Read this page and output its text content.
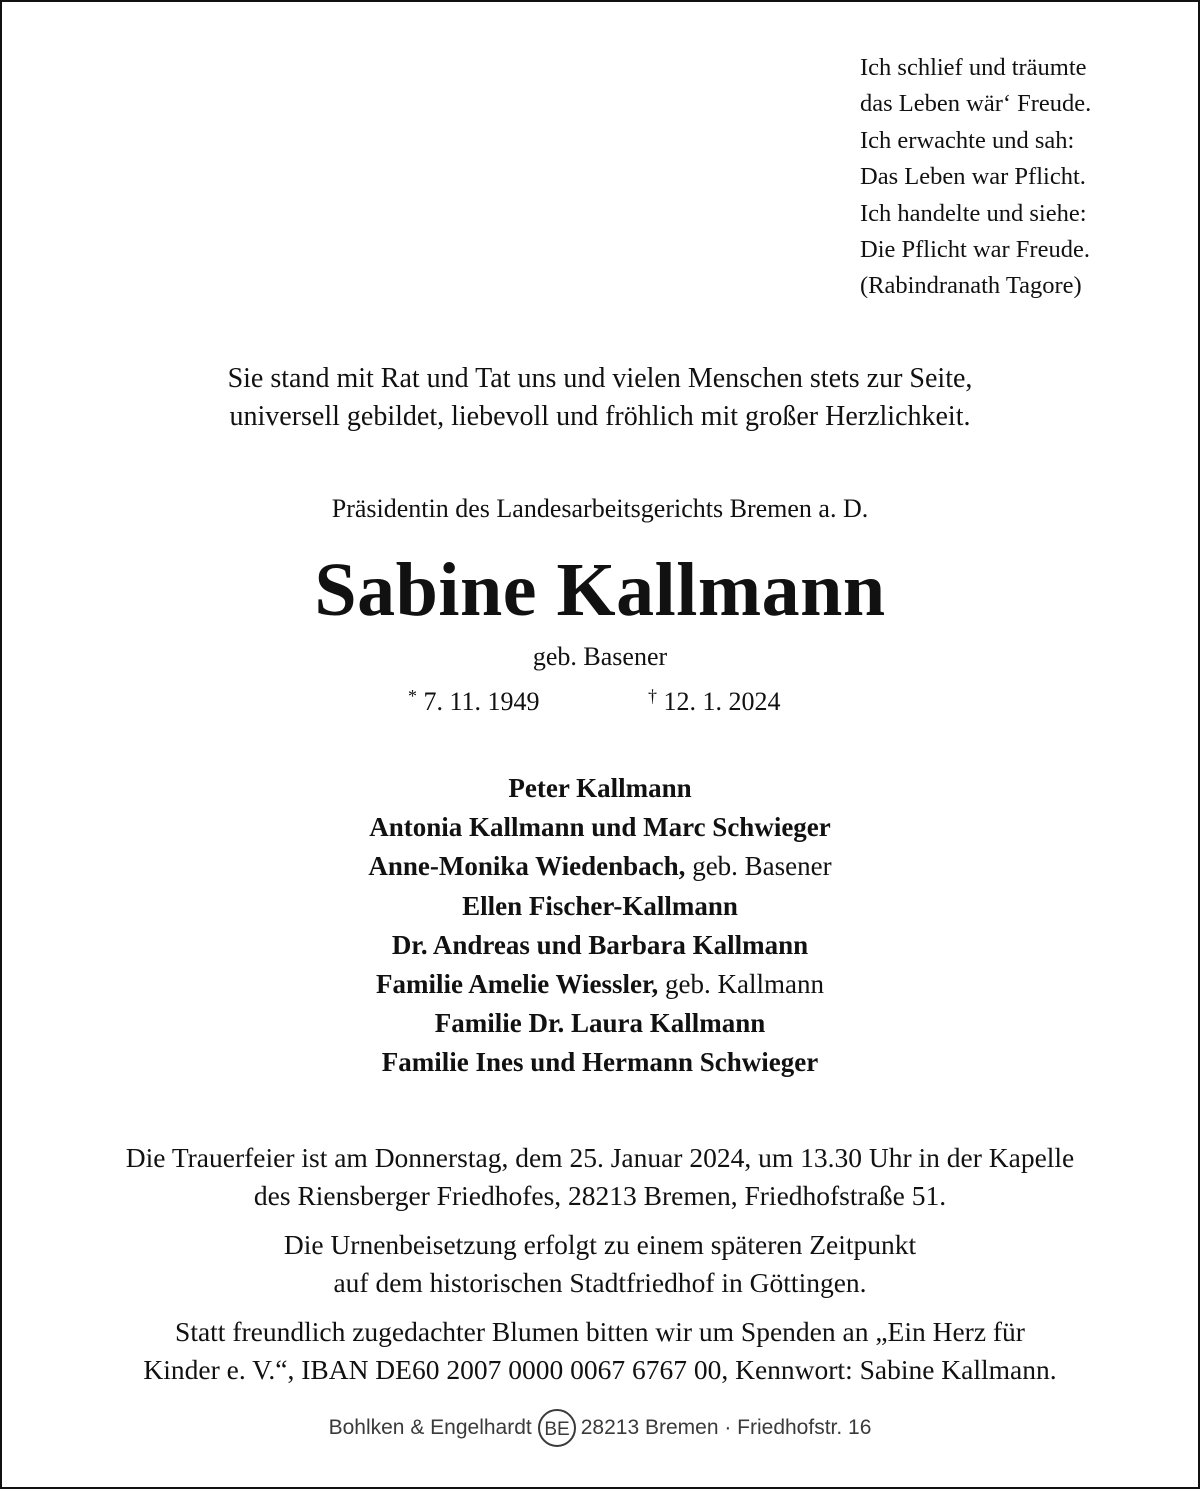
Ich schlief und träumte
das Leben wär‘ Freude.
Ich erwachte und sah:
Das Leben war Pflicht.
Ich handelte und siehe:
Die Pflicht war Freude.
(Rabindranath Tagore)
Sie stand mit Rat und Tat uns und vielen Menschen stets zur Seite,
universell gebildet, liebevoll und fröhlich mit großer Herzlichkeit.
Präsidentin des Landesarbeitsgerichts Bremen a. D.
Sabine Kallmann
geb. Basener
* 7. 11. 1949	† 12. 1. 2024
Peter Kallmann
Antonia Kallmann und Marc Schwieger
Anne-Monika Wiedenbach, geb. Basener
Ellen Fischer-Kallmann
Dr. Andreas und Barbara Kallmann
Familie Amelie Wiessler, geb. Kallmann
Familie Dr. Laura Kallmann
Familie Ines und Hermann Schwieger
Die Trauerfeier ist am Donnerstag, dem 25. Januar 2024, um 13.30 Uhr in der Kapelle
des Riensberger Friedhofes, 28213 Bremen, Friedhofstraße 51.
Die Urnenbeisetzung erfolgt zu einem späteren Zeitpunkt
auf dem historischen Stadtfriedhof in Göttingen.
Statt freundlich zugedachter Blumen bitten wir um Spenden an „Ein Herz für
Kinder e. V.“, IBAN DE60 2007 0000 0067 6767 00, Kennwort: Sabine Kallmann.
Bohlken & Engelhardt BE 28213 Bremen · Friedhofstr. 16
